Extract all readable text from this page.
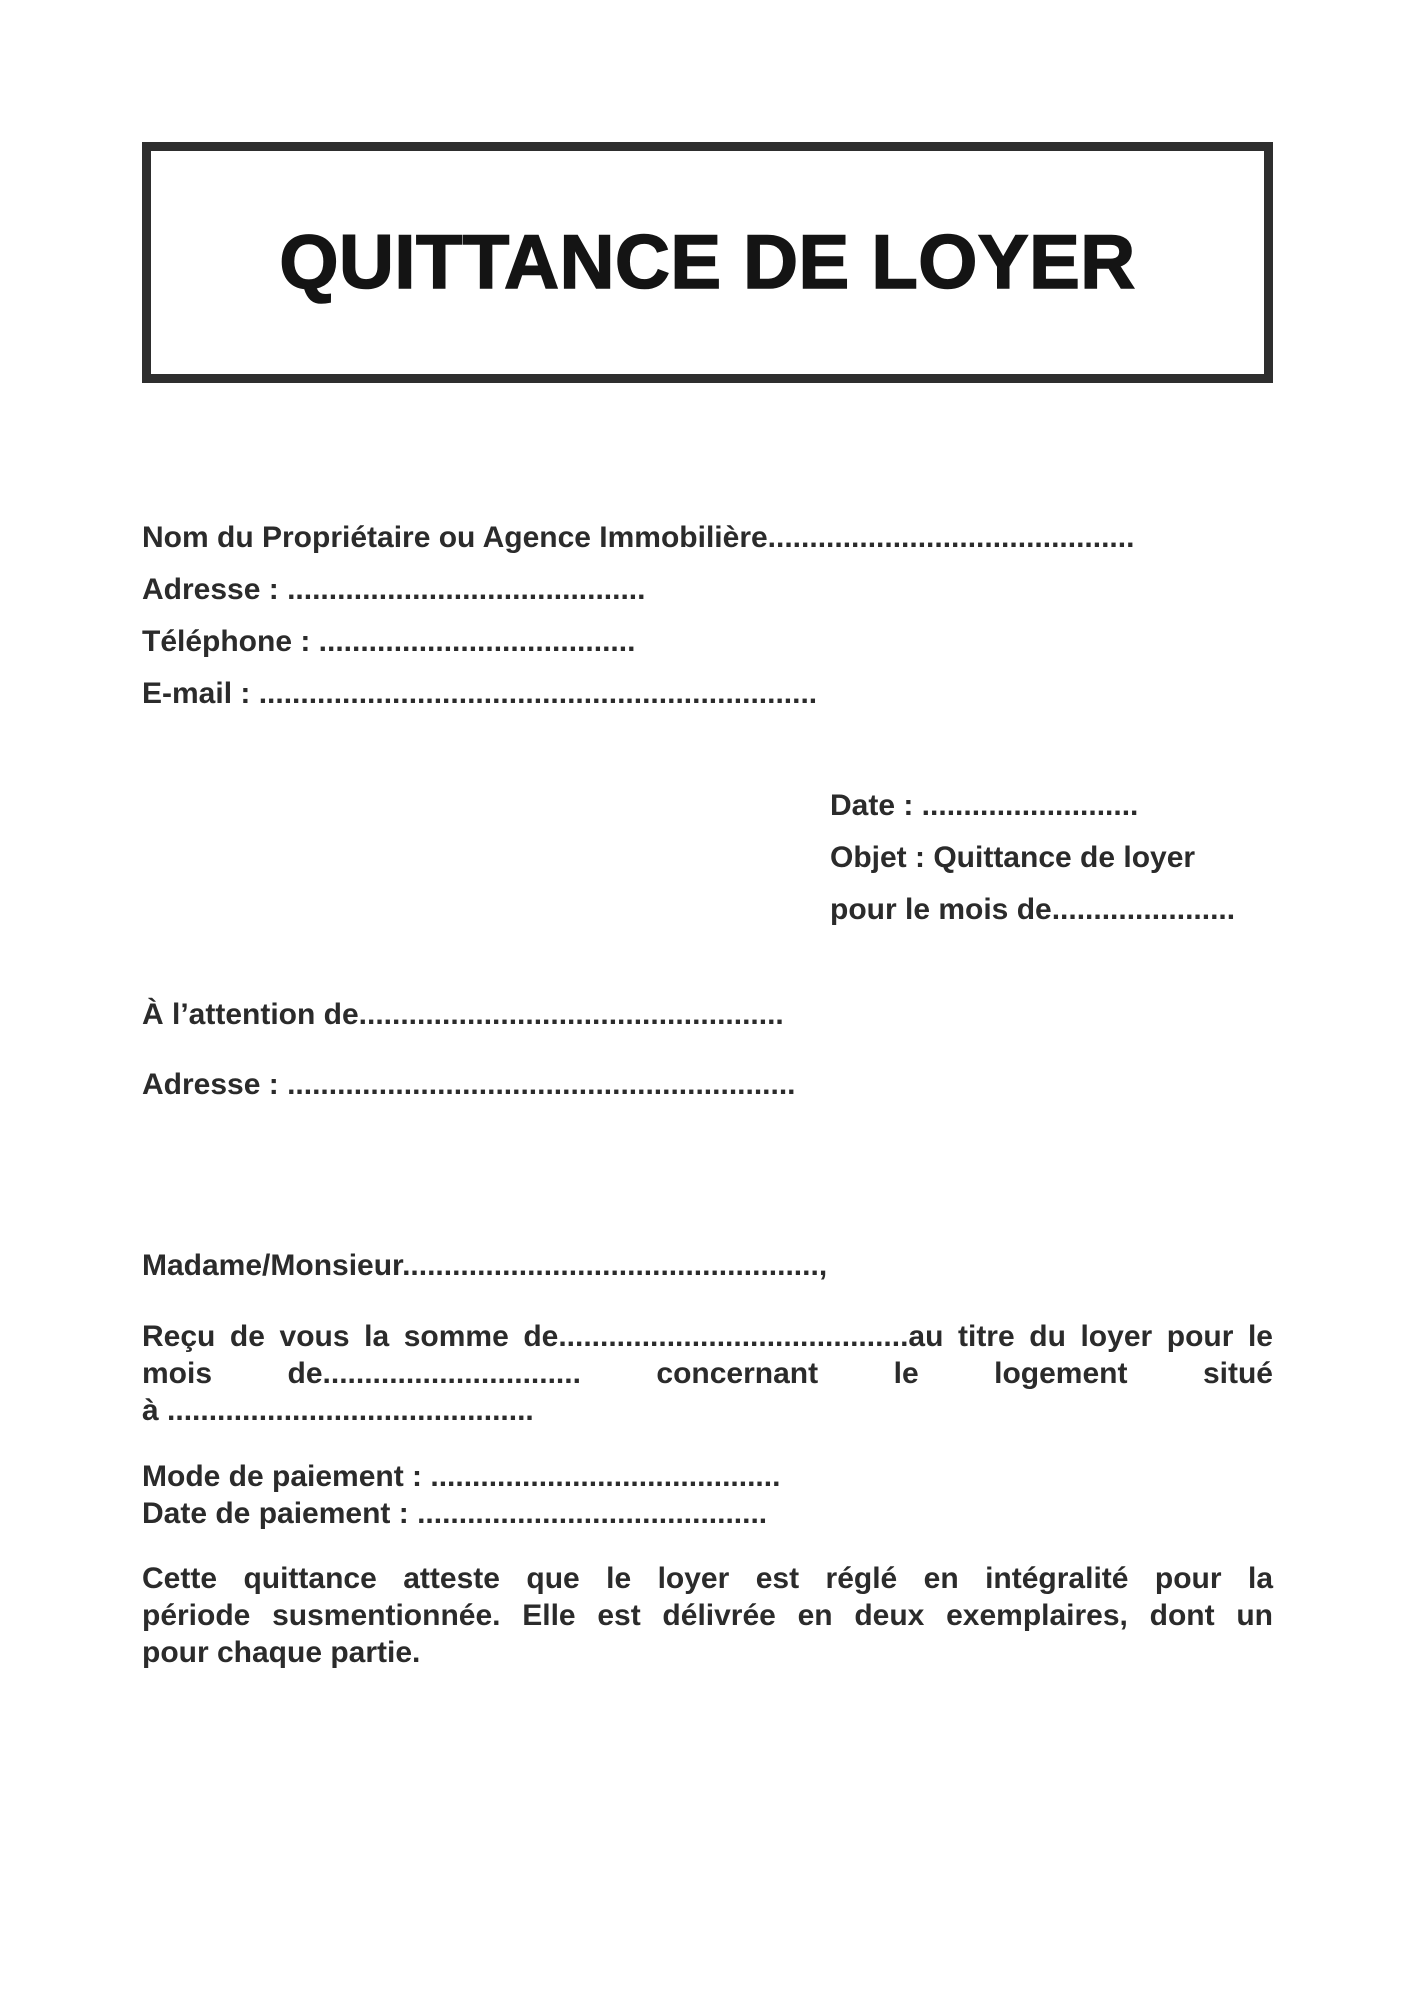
QUITTANCE DE LOYER

Nom du Propriétaire ou Agence Immobilière............................................

Adresse : ...........................................

Téléphone : ......................................

E-mail : ...................................................................

Date : ..........................

Objet : Quittance de loyer

pour le mois de......................

À l’attention de...................................................

Adresse : .............................................................

Madame/Monsieur..................................................,

Reçu de vous la somme de..........................................au titre du loyer pour le
mois de............................... concernant le logement situé
à ............................................

Mode de paiement : ..........................................

Date de paiement : ..........................................

Cette quittance atteste que le loyer est réglé en intégralité pour la
période susmentionnée. Elle est délivrée en deux exemplaires, dont un
pour chaque partie.
